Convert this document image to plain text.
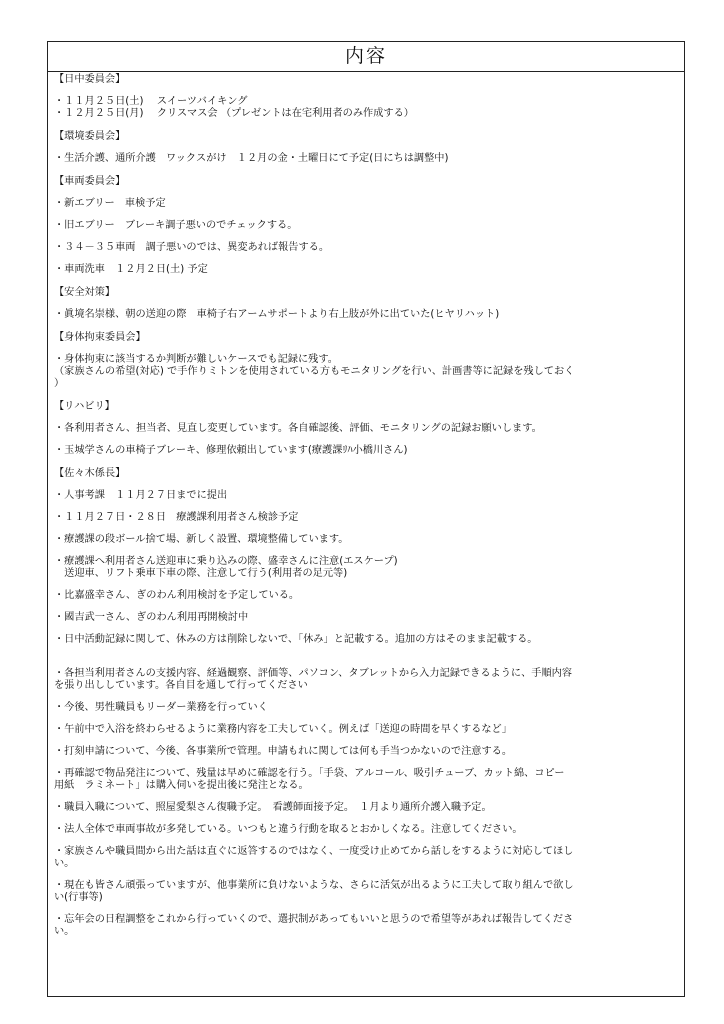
内容
【日中委員会】
・１１月２５日(土)　 スイーツバイキング
・１２月２５日(月)　 クリスマス会 （プレゼントは在宅利用者のみ作成する）
【環境委員会】
・生活介護、通所介護　ワックスがけ　１２月の金・土曜日にて予定(日にちは調整中)
【車両委員会】
・新エブリー　車検予定
・旧エブリー　ブレーキ調子悪いのでチェックする。
・３４－３５車両　調子悪いのでは、異変あれば報告する。
・車両洗車　１２月２日(土) 予定
【安全対策】
・眞境名崇様、朝の送迎の際　車椅子右アームサポートより右上肢が外に出ていた(ヒヤリハット)
【身体拘束委員会】
・身体拘束に該当するか判断が難しいケースでも記録に残す。
（家族さんの希望(対応) で手作りミトンを使用されている方もモニタリングを行い、計画書等に記録を残しておく
）
【リハビリ】
・各利用者さん、担当者、見直し変更しています。各自確認後、評価、モニタリングの記録お願いします。
・玉城学さんの車椅子ブレーキ、修理依頼出しています(療護課ﾘﾊ小橋川さん)
【佐々木係長】
・人事考課　１１月２７日までに提出
・１１月２７日・２８日　療護課利用者さん検診予定
・療護課の段ボール捨て場、新しく設置、環境整備しています。
・療護課へ利用者さん送迎車に乗り込みの際、盛幸さんに注意(エスケープ)
　送迎車、リフト乗車下車の際、注意して行う(利用者の足元等)
・比嘉盛幸さん、ぎのわん利用検討を予定している。
・國吉武一さん、ぎのわん利用再開検討中
・日中活動記録に関して、休みの方は削除しないで、「休み」と記載する。追加の方はそのまま記載する。

・各担当利用者さんの支援内容、経過観察、評価等、パソコン、タブレットから入力記録できるように、手順内容
を張り出ししています。各自目を通して行ってください
・今後、男性職員もリーダー業務を行っていく
・午前中で入浴を終わらせるように業務内容を工夫していく。例えば「送迎の時間を早くするなど」
・打刻申請について、今後、各事業所で管理。申請もれに関しては何も手当つかないので注意する。
・再確認で物品発注について、残量は早めに確認を行う。「手袋、アルコール、吸引チューブ、カット綿、コピー
用紙　ラミネート」は購入伺いを提出後に発注となる。
・職員入職について、照屋愛梨さん復職予定。　看護師面接予定。　１月より通所介護入職予定。
・法人全体で車両事故が多発している。いつもと違う行動を取るとおかしくなる。注意してください。
・家族さんや職員間から出た話は直ぐに返答するのではなく、一度受け止めてから話しをするように対応してほし
い。
・現在も皆さん頑張っていますが、他事業所に負けないような、さらに活気が出るように工夫して取り組んで欲し
い(行事等)
・忘年会の日程調整をこれから行っていくので、選択制があってもいいと思うので希望等があれば報告してくださ
い。
